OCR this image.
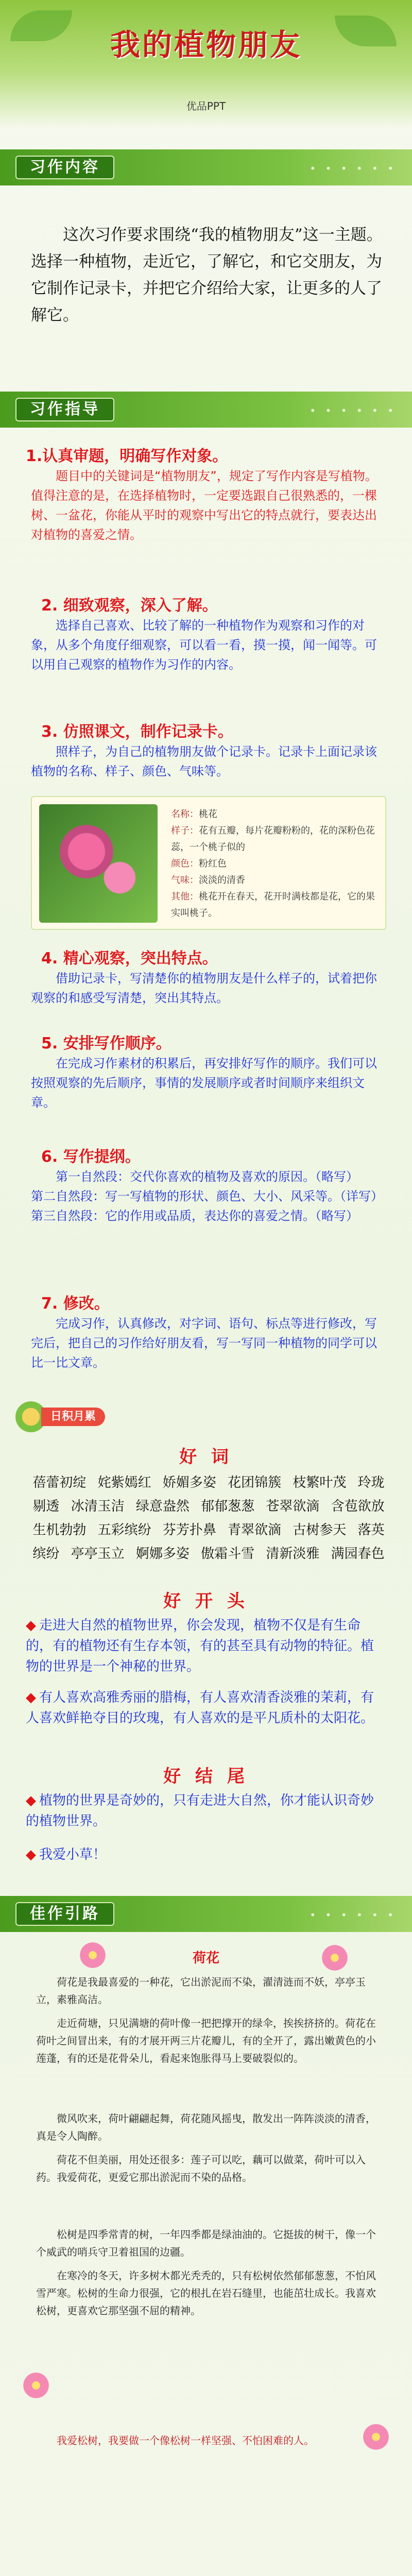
我的植物朋友
优品PPT
习作内容	• • • • • •
这次习作要求围绕“我的植物朋友”这一主题。选择一种植物，走近它，了解它，和它交朋友，为它制作记录卡，并把它介绍给大家，让更多的人了解它。
习作指导	• • • • • •
1.认真审题，明确写作对象。
题目中的关键词是“植物朋友”，规定了写作内容是写植物。值得注意的是，在选择植物时，一定要选跟自己很熟悉的，一棵树、一盆花，你能从平时的观察中写出它的特点就行，要表达出对植物的喜爱之情。
2. 细致观察，深入了解。
选择自己喜欢、比较了解的一种植物作为观察和习作的对象，从多个角度仔细观察，可以看一看，摸一摸，闻一闻等。可以用自己观察的植物作为习作的内容。
3. 仿照课文，制作记录卡。
照样子，为自己的植物朋友做个记录卡。记录卡上面记录该植物的名称、样子、颜色、气味等。
名称：桃花
样子：花有五瓣，每片花瓣粉粉的，花的深粉色花蕊，一个桃子似的
颜色：粉红色
气味：淡淡的清香
其他：桃花开在春天，花开时满枝都是花，它的果实叫桃子。
4. 精心观察，突出特点。
借助记录卡，写清楚你的植物朋友是什么样子的，试着把你观察的和感受写清楚，突出其特点。
5. 安排写作顺序。
在完成习作素材的积累后，再安排好写作的顺序。我们可以按照观察的先后顺序，事情的发展顺序或者时间顺序来组织文章。
6. 写作提纲。
第一自然段：交代你喜欢的植物及喜欢的原因。（略写）
第二自然段：写一写植物的形状、颜色、大小、风采等。（详写）
第三自然段：它的作用或品质，表达你的喜爱之情。（略写）
7. 修改。
完成习作，认真修改，对字词、语句、标点等进行修改，写完后，把自己的习作给好朋友看，写一写同一种植物的同学可以比一比文章。
日积月累
好 词
蓓蕾初绽 姹紫嫣红 娇媚多姿 花团锦簇 枝繁叶茂 玲珑剔透 冰清玉洁 绿意盎然 郁郁葱葱 苍翠欲滴 含苞欲放 生机勃勃 五彩缤纷 芬芳扑鼻 青翠欲滴 古树参天 落英缤纷 亭亭玉立 婀娜多姿 傲霜斗雪 清新淡雅 满园春色
好 开 头
◆ 走进大自然的植物世界，你会发现，植物不仅是有生命的，有的植物还有生存本领，有的甚至具有动物的特征。植物的世界是一个神秘的世界。
◆ 有人喜欢高雅秀丽的腊梅，有人喜欢清香淡雅的茉莉，有人喜欢鲜艳夺目的玫瑰，有人喜欢的是平凡质朴的太阳花。
好 结 尾
◆ 植物的世界是奇妙的，只有走进大自然，你才能认识奇妙的植物世界。
◆ 我爱小草！
佳作引路	• • • • • •
荷花
荷花是我最喜爱的一种花，它出淤泥而不染，濯清涟而不妖，亭亭玉立，素雅高洁。
走近荷塘，只见满塘的荷叶像一把把撑开的绿伞，挨挨挤挤的。荷花在荷叶之间冒出来，有的才展开两三片花瓣儿，有的全开了，露出嫩黄色的小莲蓬，有的还是花骨朵儿，看起来饱胀得马上要破裂似的。
微风吹来，荷叶翩翩起舞，荷花随风摇曳，散发出一阵阵淡淡的清香，真是令人陶醉。
荷花不但美丽，用处还很多：莲子可以吃，藕可以做菜，荷叶可以入药。我爱荷花，更爱它那出淤泥而不染的品格。
松树是四季常青的树，一年四季都是绿油油的。它挺拔的树干，像一个个威武的哨兵守卫着祖国的边疆。
在寒冷的冬天，许多树木都光秃秃的，只有松树依然郁郁葱葱，不怕风雪严寒。松树的生命力很强，它的根扎在岩石缝里，也能茁壮成长。我喜欢松树，更喜欢它那坚强不屈的精神。
我爱松树，我要做一个像松树一样坚强、不怕困难的人。
